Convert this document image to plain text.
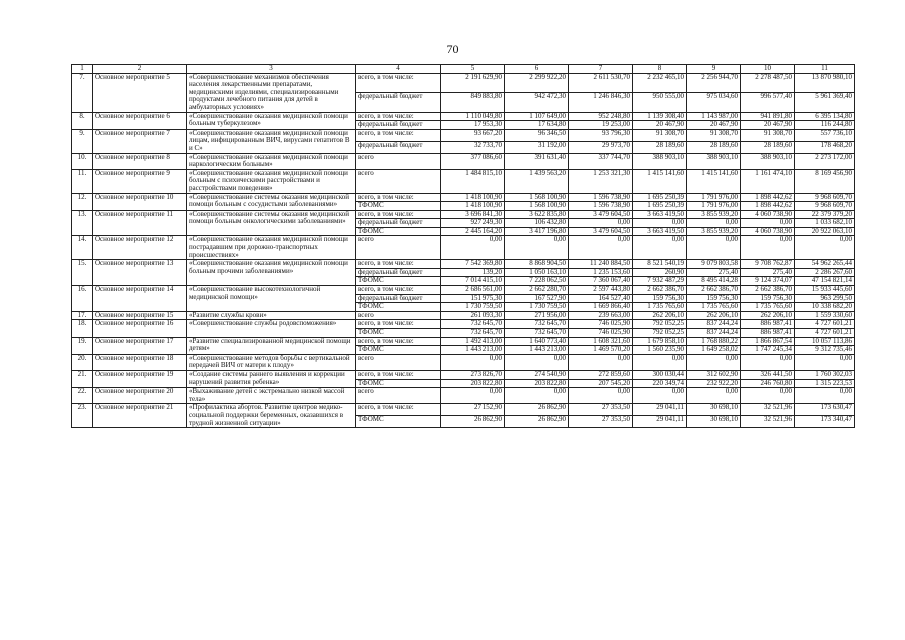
70
1	2	3	4	5	6	7	8	9	10	11
7.	Основное мероприятие 5	«Совершенствование механизмов обеспечения населения лекарственными препаратами, медицинскими изделиями, специализированными продуктами лечебного питания для детей в амбулаторных условиях»	всего, в том числе:	2 191 629,90	2 299 922,20	2 611 530,70	2 232 465,10	2 256 944,70	2 278 487,50	13 870 980,10
			федеральный бюджет	849 883,80	942 472,30	1 246 846,30	950 555,00	975 034,60	996 577,40	5 961 369,40
8.	Основное мероприятие 6	«Совершенствование оказания медицинской помощи больным туберкулезом»	всего, в том числе:	1 110 049,80	1 107 649,00	952 248,80	1 139 308,40	1 143 987,00	941 891,80	6 395 134,80
			федеральный бюджет	17 953,30	17 634,80	19 253,00	20 467,90	20 467,90	20 467,90	116 244,80
9.	Основное мероприятие 7	«Совершенствование оказания медицинской помощи лицам, инфицированным ВИЧ, вирусами гепатитов В и С»	всего, в том числе:	93 667,20	96 346,50	93 796,30	91 308,70	91 308,70	91 308,70	557 736,10
			федеральный бюджет	32 733,70	31 192,00	29 973,70	28 189,60	28 189,60	28 189,60	178 468,20
10.	Основное мероприятие 8	«Совершенствование оказания медицинской помощи наркологическим больным»	всего	377 086,60	391 631,40	337 744,70	388 903,10	388 903,10	388 903,10	2 273 172,00
11.	Основное мероприятие 9	«Совершенствование оказания медицинской помощи больным с психическими расстройствами и расстройствами поведения»	всего	1 484 815,10	1 439 563,20	1 253 321,30	1 415 141,60	1 415 141,60	1 161 474,10	8 169 456,90
12.	Основное мероприятие 10	«Совершенствование системы оказания медицинской помощи больным с сосудистыми заболеваниями»	всего, в том числе:	1 418 100,90	1 568 100,90	1 596 738,90	1 695 250,39	1 791 976,00	1 898 442,62	9 968 609,70
			ТФОМС	1 418 100,90	1 568 100,90	1 596 738,90	1 695 250,39	1 791 976,00	1 898 442,62	9 968 609,70
13.	Основное мероприятие 11	«Совершенствование системы оказания медицинской помощи больным онкологическими заболеваниями»	всего, в том числе:	3 696 841,30	3 622 835,80	3 479 604,50	3 663 419,50	3 855 939,20	4 060 738,90	22 379 379,20
			федеральный бюджет	927 249,30	106 432,80	0,00	0,00	0,00	0,00	1 033 682,10
			ТФОМС	2 445 164,20	3 417 196,80	3 479 604,50	3 663 419,50	3 855 939,20	4 060 738,90	20 922 063,10
14.	Основное мероприятие 12	«Совершенствование оказания медицинской помощи пострадавшим при дорожно-транспортных происшествиях»	всего	0,00	0,00	0,00	0,00	0,00	0,00	0,00
15.	Основное мероприятие 13	«Совершенствование оказания медицинской помощи больным прочими заболеваниями»	всего, в том числе:	7 542 369,80	8 868 904,50	11 240 884,50	8 521 540,19	9 079 803,58	9 708 762,87	54 962 265,44
			федеральный бюджет	139,20	1 050 163,10	1 235 153,60	260,90	275,40	275,40	2 286 267,60
			ТФОМС	7 014 415,10	7 228 062,50	7 360 067,40	7 932 487,29	8 495 414,28	9 124 374,07	47 154 821,14
16.	Основное мероприятие 14	«Совершенствование высокотехнологичной медицинской помощи»	всего, в том числе:	2 686 561,00	2 662 280,70	2 597 443,80	2 662 386,70	2 662 386,70	2 662 386,70	15 933 445,60
			федеральный бюджет	151 975,30	167 527,90	164 527,40	159 756,30	159 756,30	159 756,30	963 299,50
			ТФОМС	1 730 759,50	1 730 759,50	1 669 866,40	1 735 765,60	1 735 765,60	1 735 765,60	10 338 682,20
17.	Основное мероприятие 15	«Развитие службы крови»	всего	261 093,30	271 956,00	239 663,00	262 206,10	262 206,10	262 206,10	1 559 330,60
18.	Основное мероприятие 16	«Совершенствование службы родовспоможения»	всего, в том числе:	732 645,70	732 645,70	746 025,90	792 052,25	837 244,24	886 987,41	4 727 601,21
			ТФОМС	732 645,70	732 645,70	746 025,90	792 052,25	837 244,24	886 987,41	4 727 601,21
19.	Основное мероприятие 17	«Развитие специализированной медицинской помощи детям»	всего, в том числе:	1 492 413,00	1 640 773,40	1 608 321,60	1 679 858,10	1 768 880,22	1 866 867,54	10 057 113,86
			ТФОМС	1 443 213,00	1 443 213,00	1 469 570,20	1 560 235,90	1 649 258,02	1 747 245,34	9 312 735,46
20.	Основное мероприятие 18	«Совершенствование методов борьбы с вертикальной передачей ВИЧ от матери к плоду»	всего	0,00	0,00	0,00	0,00	0,00	0,00	0,00
21.	Основное мероприятие 19	«Создание системы раннего выявления и коррекции нарушений развития ребенка»	всего, в том числе:	273 826,70	274 540,90	272 859,60	300 030,44	312 602,90	326 441,50	1 760 302,03
			ТФОМС	203 822,80	203 822,80	207 545,20	220 349,74	232 922,20	246 760,80	1 315 223,53
22.	Основное мероприятие 20	«Выхаживание детей с экстремально низкой массой тела»	всего	0,00	0,00	0,00	0,00	0,00	0,00	0,00
23.	Основное мероприятие 21	«Профилактика абортов. Развитие центров медико-социальной поддержки беременных, оказавшихся в трудной жизненной ситуации»	всего, в том числе:	27 152,90	26 862,90	27 353,50	29 041,11	30 698,10	32 521,96	173 630,47
			ТФОМС	26 862,90	26 862,90	27 353,50	29 041,11	30 698,10	32 521,96	173 340,47
